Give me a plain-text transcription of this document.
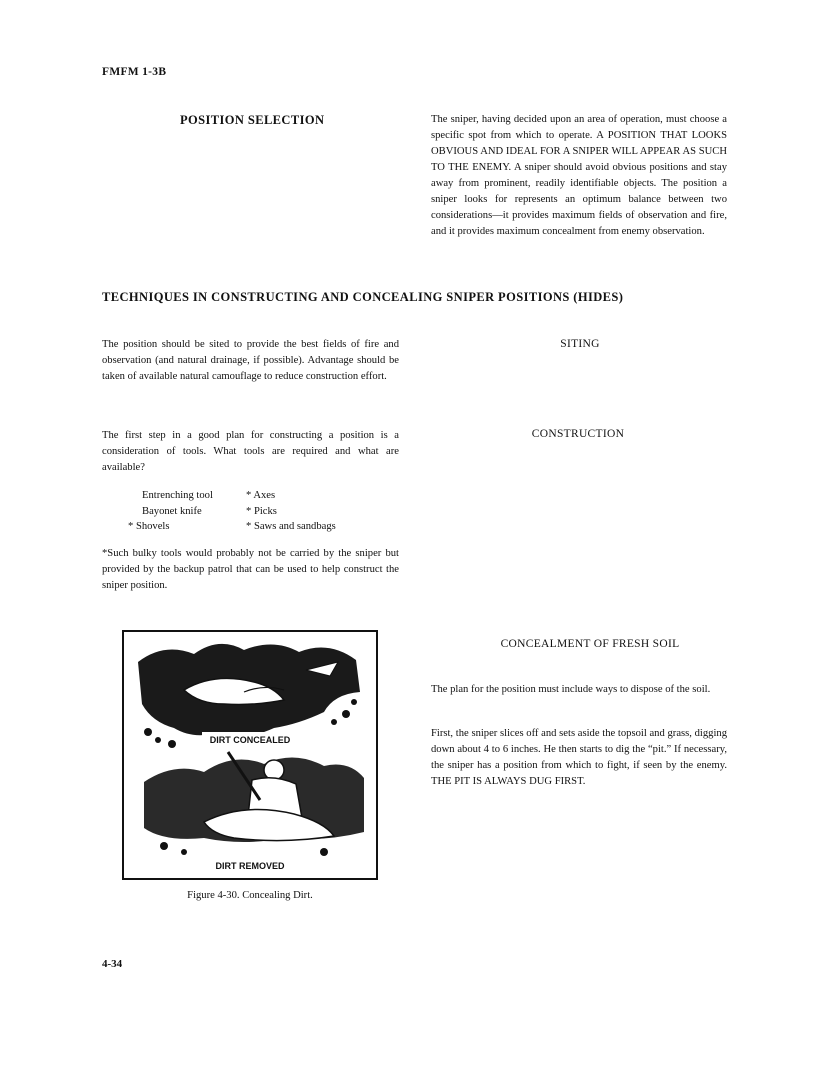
FMFM 1-3B
POSITION SELECTION	The sniper, having decided upon an area of operation, must choose a specific spot from which to operate. A POSITION THAT LOOKS OBVIOUS AND IDEAL FOR A SNIPER WILL APPEAR AS SUCH TO THE ENEMY. A sniper should avoid obvious positions and stay away from prominent, readily identifiable objects. The position a sniper looks for represents an optimum balance between two considerations—it provides maximum fields of observation and fire, and it provides maximum concealment from enemy observation.
TECHNIQUES IN CONSTRUCTING AND CONCEALING SNIPER POSITIONS (HIDES)
The position should be sited to provide the best fields of fire and observation (and natural drainage, if possible). Advantage should be taken of available natural camouflage to reduce construction effort.
SITING
The first step in a good plan for constructing a position is a consideration of tools. What tools are required and what are available?
CONSTRUCTION
Entrenching tool	* Axes
Bayonet knife	* Picks
* Shovels	* Saws and sandbags
*Such bulky tools would probably not be carried by the sniper but provided by the backup patrol that can be used to help construct the sniper position.
DIRT CONCEALED
DIRT REMOVED
Figure 4-30. Concealing Dirt.
CONCEALMENT OF FRESH SOIL
The plan for the position must include ways to dispose of the soil.
First, the sniper slices off and sets aside the topsoil and grass, digging down about 4 to 6 inches. He then starts to dig the “pit.” If necessary, the sniper has a position from which to fight, if seen by the enemy. THE PIT IS ALWAYS DUG FIRST.
4-34
